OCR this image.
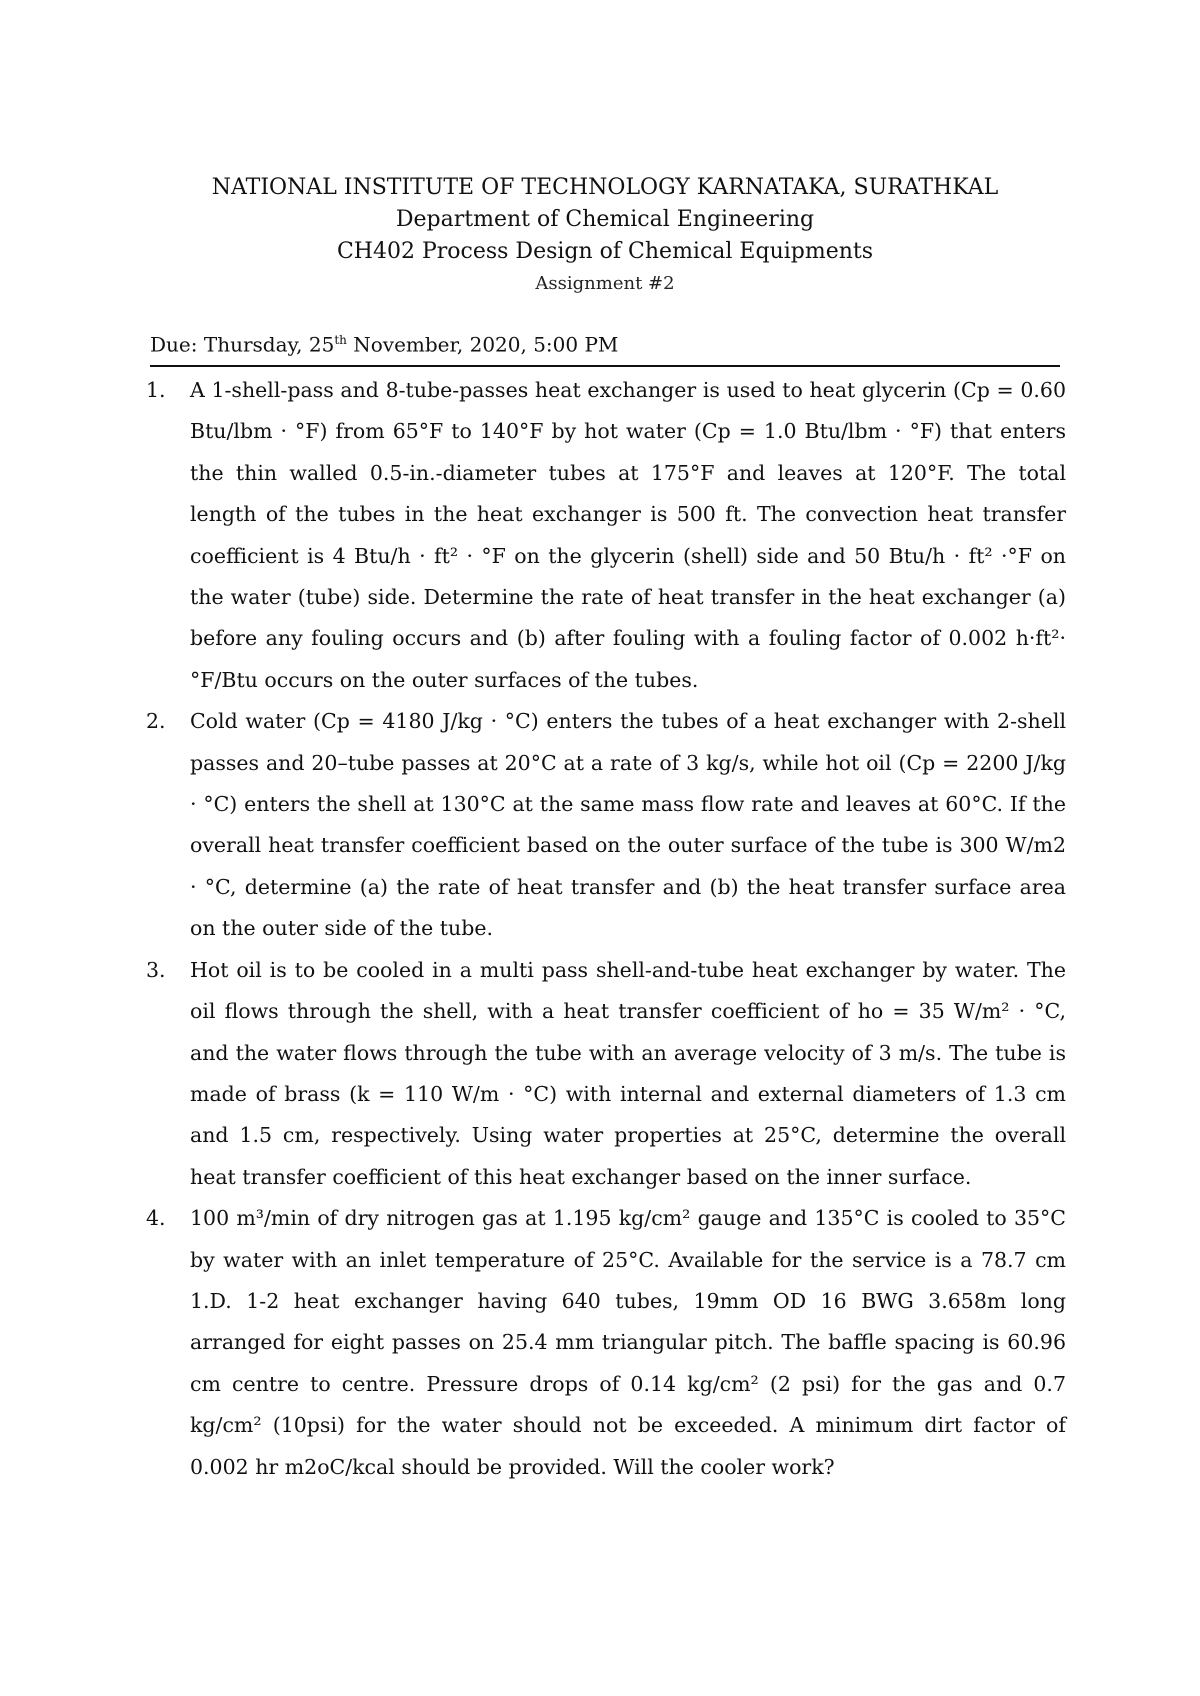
NATIONAL INSTITUTE OF TECHNOLOGY KARNATAKA, SURATHKAL
Department of Chemical Engineering
CH402 Process Design of Chemical Equipments
Assignment #2
Due: Thursday, 25th November, 2020, 5:00 PM
1. A 1-shell-pass and 8-tube-passes heat exchanger is used to heat glycerin (Cp = 0.60 Btu/lbm · °F) from 65°F to 140°F by hot water (Cp = 1.0 Btu/lbm · °F) that enters the thin walled 0.5-in.-diameter tubes at 175°F and leaves at 120°F. The total length of the tubes in the heat exchanger is 500 ft. The convection heat transfer coefficient is 4 Btu/h · ft² · °F on the glycerin (shell) side and 50 Btu/h · ft² ·°F on the water (tube) side. Determine the rate of heat transfer in the heat exchanger (a) before any fouling occurs and (b) after fouling with a fouling factor of 0.002 h·ft²· °F/Btu occurs on the outer surfaces of the tubes.
2. Cold water (Cp = 4180 J/kg · °C) enters the tubes of a heat exchanger with 2-shell passes and 20–tube passes at 20°C at a rate of 3 kg/s, while hot oil (Cp = 2200 J/kg · °C) enters the shell at 130°C at the same mass flow rate and leaves at 60°C. If the overall heat transfer coefficient based on the outer surface of the tube is 300 W/m2 · °C, determine (a) the rate of heat transfer and (b) the heat transfer surface area on the outer side of the tube.
3. Hot oil is to be cooled in a multi pass shell-and-tube heat exchanger by water. The oil flows through the shell, with a heat transfer coefficient of ho = 35 W/m² · °C, and the water flows through the tube with an average velocity of 3 m/s. The tube is made of brass (k = 110 W/m · °C) with internal and external diameters of 1.3 cm and 1.5 cm, respectively. Using water properties at 25°C, determine the overall heat transfer coefficient of this heat exchanger based on the inner surface.
4. 100 m³/min of dry nitrogen gas at 1.195 kg/cm² gauge and 135°C is cooled to 35°C by water with an inlet temperature of 25°C. Available for the service is a 78.7 cm 1.D. 1-2 heat exchanger having 640 tubes, 19mm OD 16 BWG 3.658m long arranged for eight passes on 25.4 mm triangular pitch. The baffle spacing is 60.96 cm centre to centre. Pressure drops of 0.14 kg/cm² (2 psi) for the gas and 0.7 kg/cm² (10psi) for the water should not be exceeded. A minimum dirt factor of 0.002 hr m2oC/kcal should be provided. Will the cooler work?
